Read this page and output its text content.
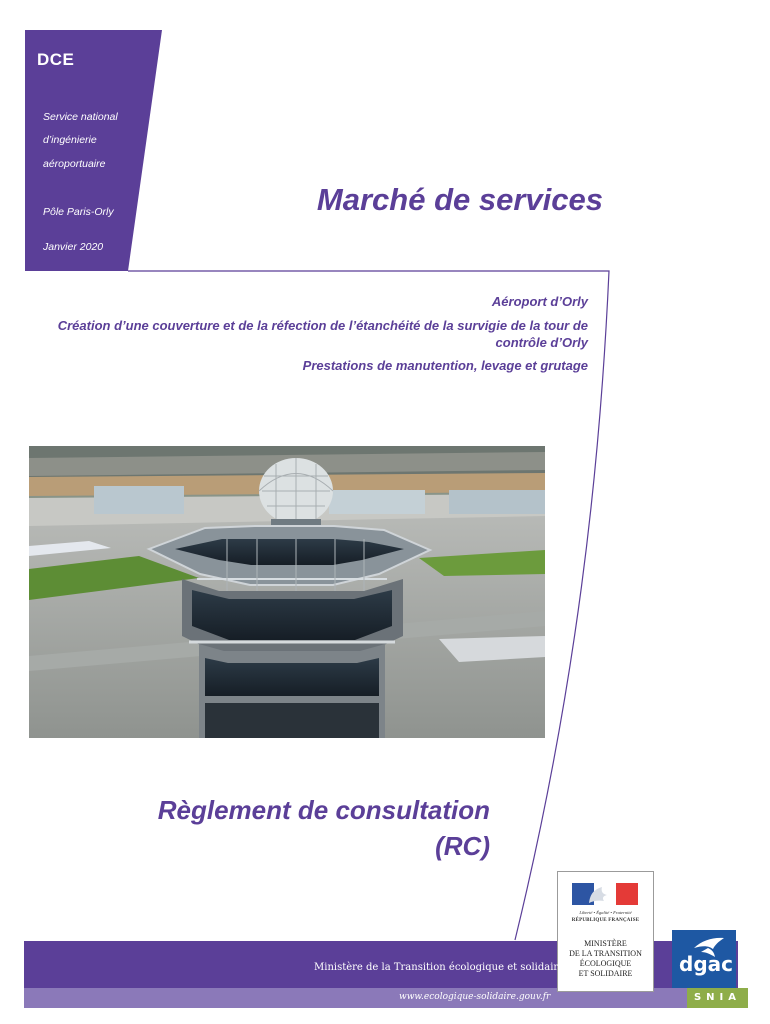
DCE
Service national
d’ingénierie
aéroportuaire
Pôle Paris-Orly
Janvier 2020
Marché de services
Aéroport d’Orly
Création d’une couverture et de la réfection de l’étanchéité de la survigie de la tour de contrôle d’Orly
Prestations de manutention, levage et grutage
Règlement de consultation
(RC)
Liberté • Égalité • Fraternité
RÉPUBLIQUE FRANÇAISE
MINISTÈRE
DE LA TRANSITION
ÉCOLOGIQUE
ET SOLIDAIRE
Ministère de la Transition écologique et solidaire
www.ecologique-solidaire.gouv.fr
dgac
SNIA
